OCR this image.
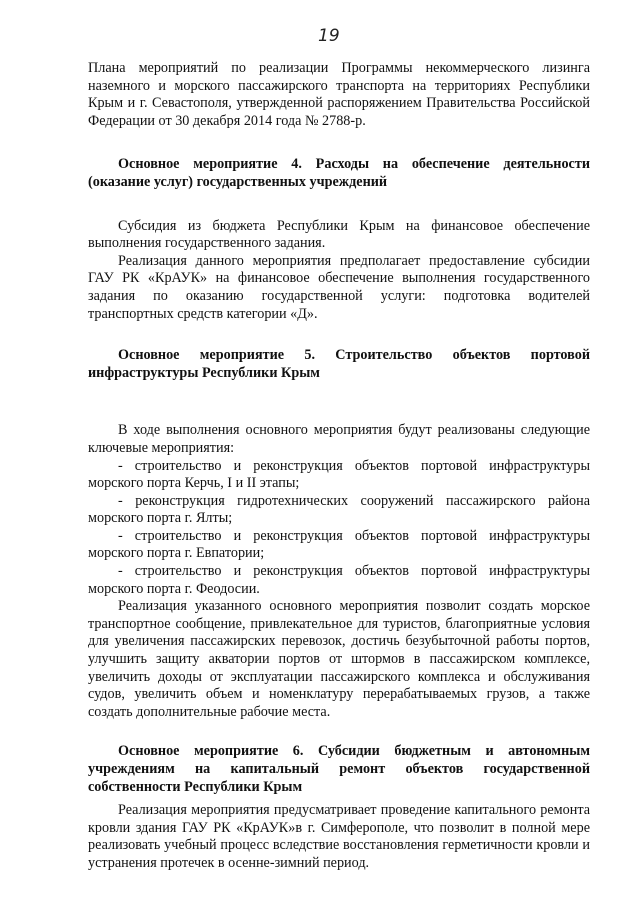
19

Плана мероприятий по реализации Программы некоммерческого лизинга наземного и морского пассажирского транспорта на территориях Республики Крым и г. Севастополя, утвержденной распоряжением Правительства Российской Федерации от 30 декабря 2014 года № 2788-р.

Основное мероприятие 4. Расходы на обеспечение деятельности (оказание услуг) государственных учреждений

Субсидия из бюджета Республики Крым на финансовое обеспечение выполнения государственного задания.

Реализация данного мероприятия предполагает предоставление субсидии ГАУ РК «КрАУК» на финансовое обеспечение выполнения государственного задания по оказанию государственной услуги: подготовка водителей транспортных средств категории «Д».

Основное мероприятие 5. Строительство объектов портовой инфраструктуры Республики Крым

В ходе выполнения основного мероприятия будут реализованы следующие ключевые мероприятия:

- строительство и реконструкция объектов портовой инфраструктуры морского порта Керчь, I и II этапы;
- реконструкция гидротехнических сооружений пассажирского района морского порта г. Ялты;
- строительство и реконструкция объектов портовой инфраструктуры морского порта г. Евпатории;
- строительство и реконструкция объектов портовой инфраструктуры морского порта г. Феодосии.

Реализация указанного основного мероприятия позволит создать морское транспортное сообщение, привлекательное для туристов, благоприятные условия для увеличения пассажирских перевозок, достичь безубыточной работы портов, улучшить защиту акватории портов от штормов в пассажирском комплексе, увеличить доходы от эксплуатации пассажирского комплекса и обслуживания судов, увеличить объем и номенклатуру перерабатываемых грузов, а также создать дополнительные рабочие места.

Основное мероприятие 6. Субсидии бюджетным и автономным учреждениям на капитальный ремонт объектов государственной собственности Республики Крым

Реализация мероприятия предусматривает проведение капитального ремонта кровли здания ГАУ РК «КрАУК»в г. Симферополе, что позволит в полной мере реализовать учебный процесс вследствие восстановления герметичности кровли и устранения протечек в осенне-зимний период.
